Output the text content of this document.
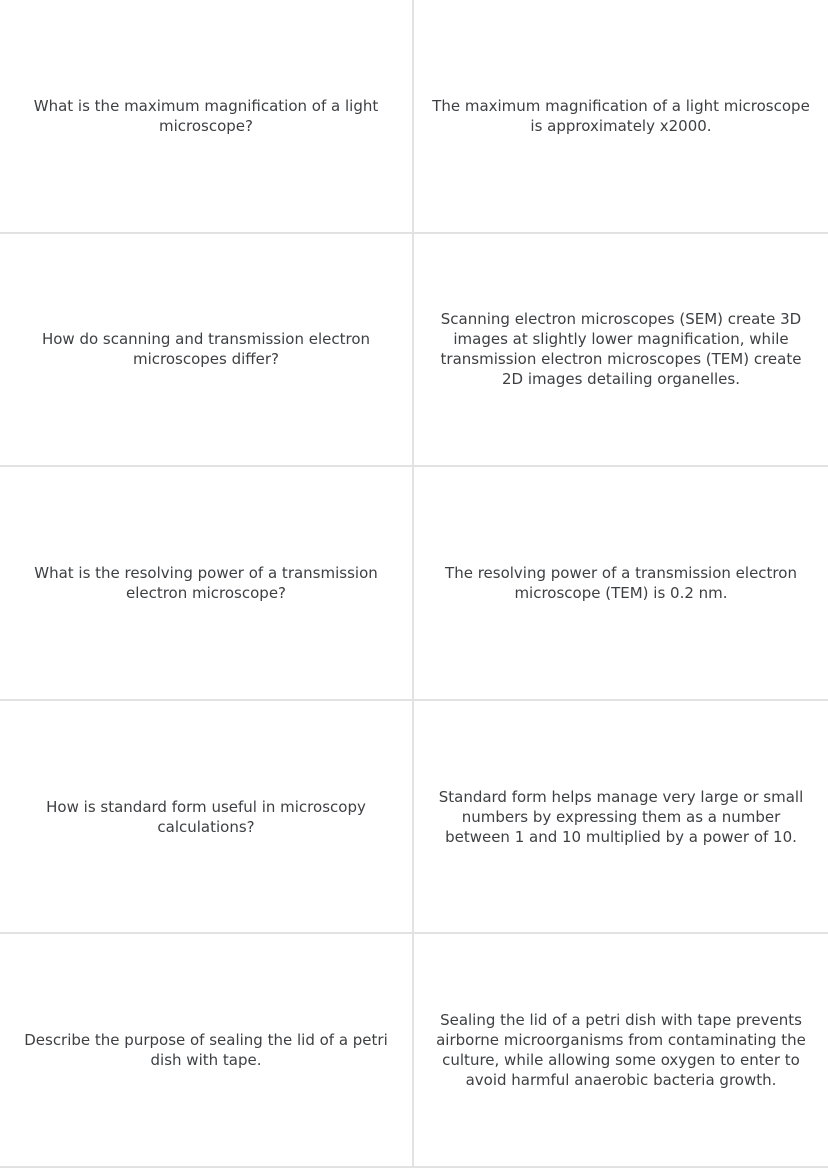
What is the maximum magnification of a light microscope?

The maximum magnification of a light microscope is approximately x2000.

How do scanning and transmission electron microscopes differ?

Scanning electron microscopes (SEM) create 3D images at slightly lower magnification, while transmission electron microscopes (TEM) create 2D images detailing organelles.

What is the resolving power of a transmission electron microscope?

The resolving power of a transmission electron microscope (TEM) is 0.2 nm.

How is standard form useful in microscopy calculations?

Standard form helps manage very large or small numbers by expressing them as a number between 1 and 10 multiplied by a power of 10.

Describe the purpose of sealing the lid of a petri dish with tape.

Sealing the lid of a petri dish with tape prevents airborne microorganisms from contaminating the culture, while allowing some oxygen to enter to avoid harmful anaerobic bacteria growth.
